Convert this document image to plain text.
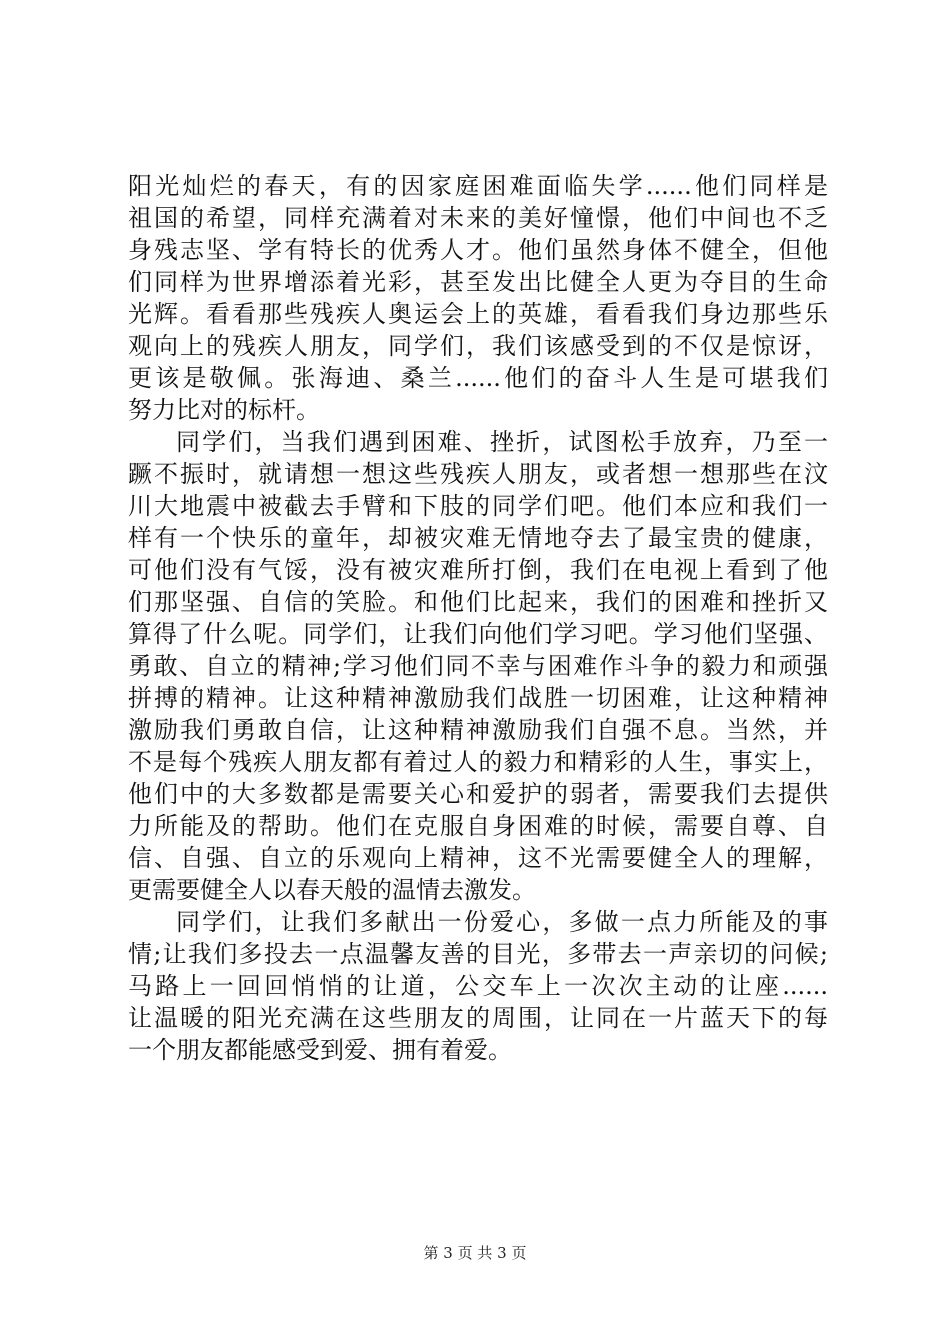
阳光灿烂的春天，有的因家庭困难面临失学......他们同样是
祖国的希望，同样充满着对未来的美好憧憬，他们中间也不乏
身残志坚、学有特长的优秀人才。他们虽然身体不健全，但他
们同样为世界增添着光彩，甚至发出比健全人更为夺目的生命
光辉。看看那些残疾人奥运会上的英雄，看看我们身边那些乐
观向上的残疾人朋友，同学们，我们该感受到的不仅是惊讶，
更该是敬佩。张海迪、桑兰......他们的奋斗人生是可堪我们
努力比对的标杆。
同学们，当我们遇到困难、挫折，试图松手放弃，乃至一
蹶不振时，就请想一想这些残疾人朋友，或者想一想那些在汶
川大地震中被截去手臂和下肢的同学们吧。他们本应和我们一
样有一个快乐的童年，却被灾难无情地夺去了最宝贵的健康，
可他们没有气馁，没有被灾难所打倒，我们在电视上看到了他
们那坚强、自信的笑脸。和他们比起来，我们的困难和挫折又
算得了什么呢。同学们，让我们向他们学习吧。学习他们坚强、
勇敢、自立的精神;学习他们同不幸与困难作斗争的毅力和顽强
拼搏的精神。让这种精神激励我们战胜一切困难，让这种精神
激励我们勇敢自信，让这种精神激励我们自强不息。当然，并
不是每个残疾人朋友都有着过人的毅力和精彩的人生，事实上，
他们中的大多数都是需要关心和爱护的弱者，需要我们去提供
力所能及的帮助。他们在克服自身困难的时候，需要自尊、自
信、自强、自立的乐观向上精神，这不光需要健全人的理解，
更需要健全人以春天般的温情去激发。
同学们，让我们多献出一份爱心，多做一点力所能及的事
情;让我们多投去一点温馨友善的目光，多带去一声亲切的问候;
马路上一回回悄悄的让道，公交车上一次次主动的让座......
让温暖的阳光充满在这些朋友的周围，让同在一片蓝天下的每
一个朋友都能感受到爱、拥有着爱。
第 3 页 共 3 页
